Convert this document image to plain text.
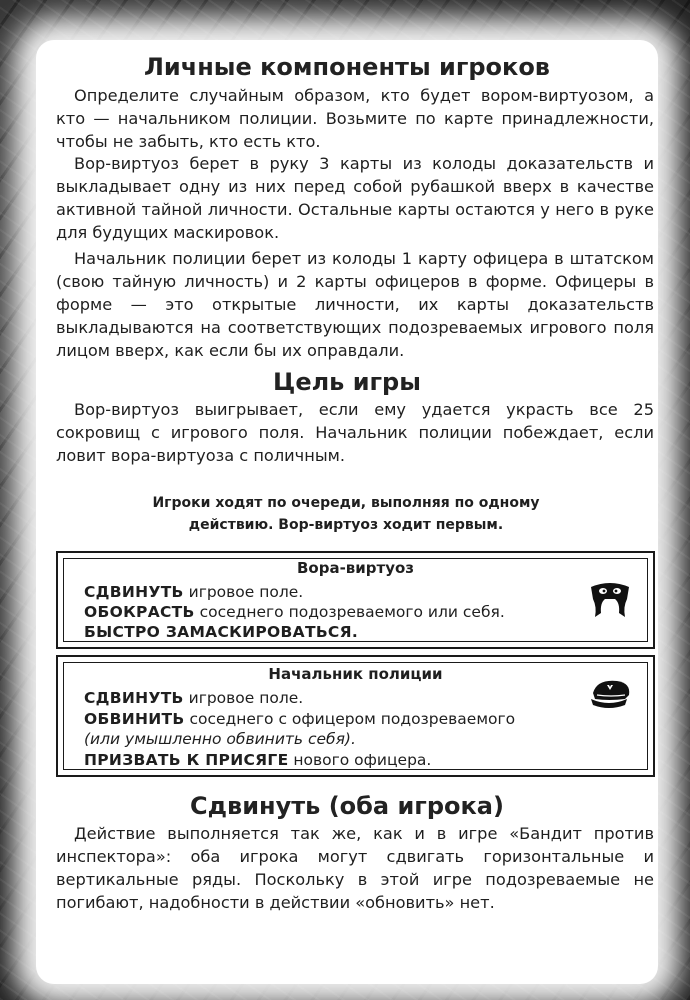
Личные компоненты игроков

Определите случайным образом, кто будет вором-виртуозом, а кто — начальником полиции. Возьмите по карте принадлежности, чтобы не забыть, кто есть кто.

Вор-виртуоз берет в руку 3 карты из колоды доказательств и выкладывает одну из них перед собой рубашкой вверх в качестве активной тайной личности. Остальные карты остаются у него в руке для будущих маскировок.

Начальник полиции берет из колоды 1 карту офицера в штатском (свою тайную личность) и 2 карты офицеров в форме. Офицеры в форме — это открытые личности, их карты доказательств выкладываются на соответствующих подозреваемых игрового поля лицом вверх, как если бы их оправдали.

Цель игры

Вор-виртуоз выигрывает, если ему удается украсть все 25 сокровищ с игрового поля. Начальник полиции побеждает, если ловит вора-виртуоза с поличным.

Игроки ходят по очереди, выполняя по одному действию. Вор-виртуоз ходит первым.

Вора-виртуоз
СДВИНУТЬ игровое поле.
ОБОКРАСТЬ соседнего подозреваемого или себя.
БЫСТРО ЗАМАСКИРОВАТЬСЯ.
Начальник полиции
СДВИНУТЬ игровое поле.
ОБВИНИТЬ соседнего с офицером подозреваемого
(или умышленно обвинить себя).
ПРИЗВАТЬ К ПРИСЯГЕ нового офицера.
Сдвинуть (оба игрока)

Действие выполняется так же, как и в игре «Бандит против инспектора»: оба игрока могут сдвигать горизонтальные и вертикальные ряды. Поскольку в этой игре подозреваемые не погибают, надобности в действии «обновить» нет.

16
